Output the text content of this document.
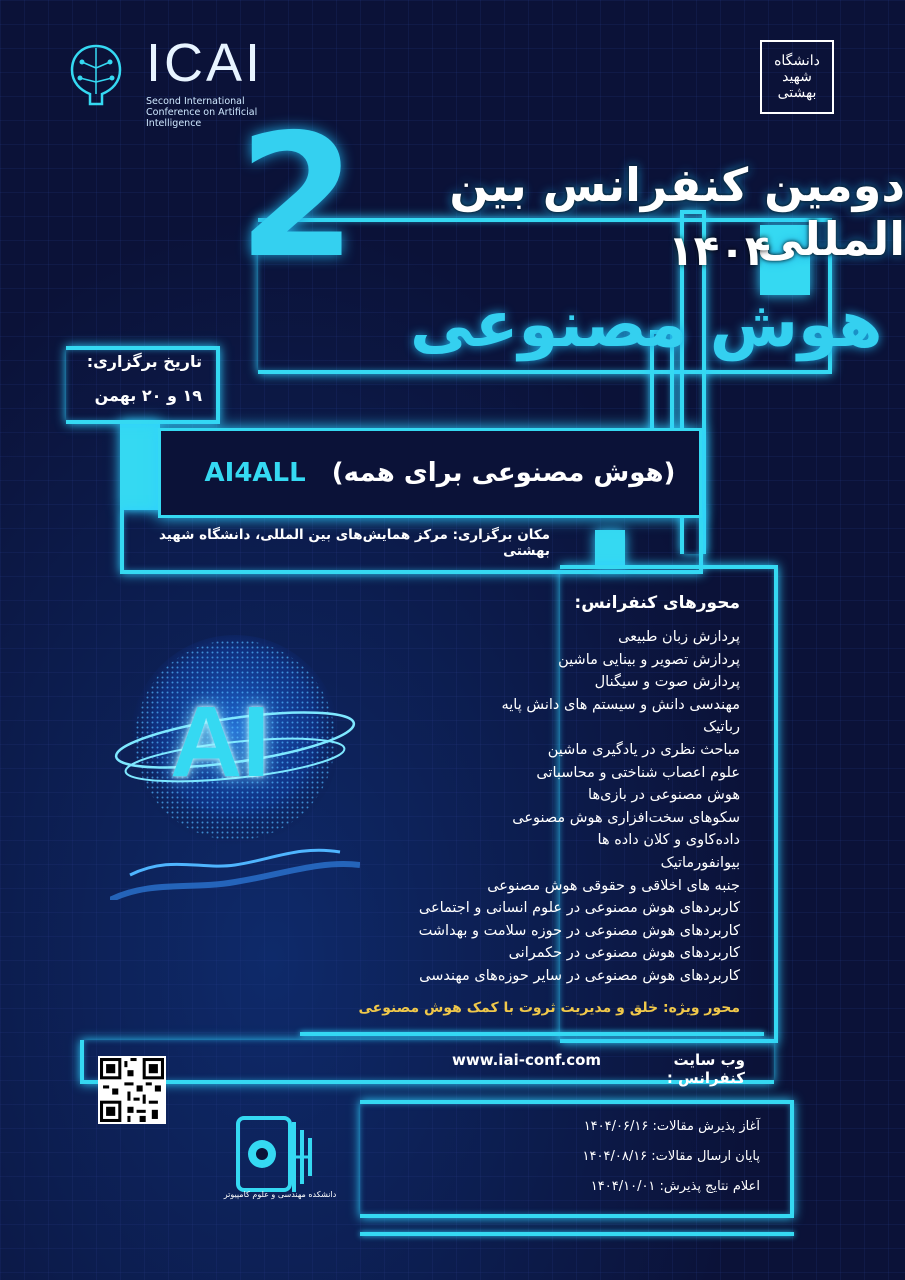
ICAI
Second International Conference on Artificial Intelligence
دانشگاه شهید بهشتی
2	دومین کنفرانس بین المللی
۱۴۰۴
هوش مصنوعی
تاریخ برگزاری:
۱۹ و ۲۰ بهمن
AI4ALL (هوش مصنوعی برای همه)
مکان برگزاری: مرکز همایش‌های بین المللی، دانشگاه شهید بهشتی
AI
محورهای کنفرانس:
پردازش زبان طبیعی
پردازش تصویر و بینایی ماشین
پردازش صوت و سیگنال
مهندسی دانش و سیستم های دانش پایه
رباتیک
مباحث نظری در یادگیری ماشین
علوم اعصاب شناختی و محاسباتی
هوش مصنوعی در بازی‌ها
سکوهای سخت‌افزاری هوش مصنوعی
داده‌کاوی و کلان داده ها
بیوانفورماتیک
جنبه های اخلاقی و حقوقی هوش مصنوعی
کاربردهای هوش مصنوعی در علوم انسانی و اجتماعی
کاربردهای هوش مصنوعی در حوزه سلامت و بهداشت
کاربردهای هوش مصنوعی در حکمرانی
کاربردهای هوش مصنوعی در سایر حوزه‌های مهندسی
محور ویژه: خلق و مدیریت ثروت با کمک هوش مصنوعی
وب سایت کنفرانس :
www.iai-conf.com
آغاز پذیرش مقالات: ۱۴۰۴/۰۶/۱۶
پایان ارسال مقالات: ۱۴۰۴/۰۸/۱۶
اعلام نتایج پذیرش: ۱۴۰۴/۱۰/۰۱
دانشکده مهندسی و علوم کامپیوتر
